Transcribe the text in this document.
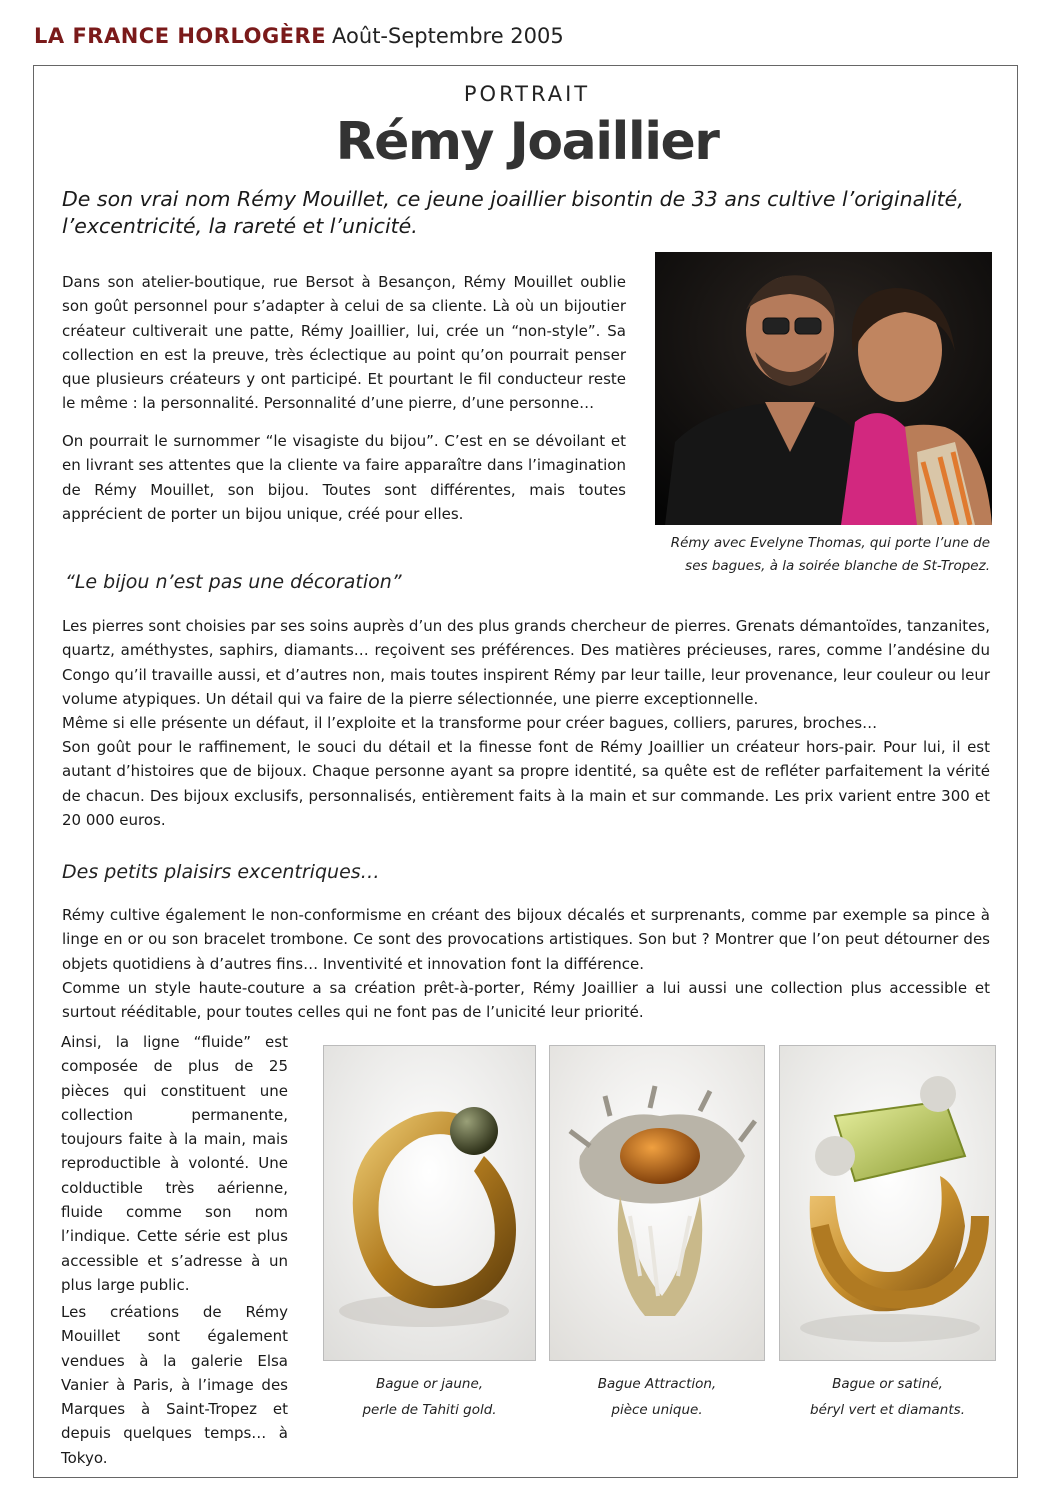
LA FRANCE HORLOGÈRE Août-Septembre 2005
PORTRAIT
Rémy Joaillier
De son vrai nom Rémy Mouillet, ce jeune joaillier bisontin de 33 ans cultive l’originalité, l’excentricité, la rareté et l’unicité.

Dans son atelier-boutique, rue Bersot à Besançon, Rémy Mouillet oublie son goût personnel pour s’adapter à celui de sa cliente. Là où un bijoutier créateur cultiverait une patte, Rémy Joaillier, lui, crée un “non-style”. Sa collection en est la preuve, très éclectique au point qu’on pourrait penser que plusieurs créateurs y ont participé. Et pourtant le fil conducteur reste le même : la personnalité. Personnalité d’une pierre, d’une personne…

On pourrait le surnommer “le visagiste du bijou”. C’est en se dévoilant et en livrant ses attentes que la cliente va faire apparaître dans l’imagination de Rémy Mouillet, son bijou. Toutes sont différentes, mais toutes apprécient de porter un bijou unique, créé pour elles.

Rémy avec Evelyne Thomas, qui porte l’une de
ses bagues, à la soirée blanche de St-Tropez.
“Le bijou n’est pas une décoration”

Les pierres sont choisies par ses soins auprès d’un des plus grands chercheur de pierres. Grenats démantoïdes, tanzanites, quartz, améthystes, saphirs, diamants… reçoivent ses préférences. Des matières précieuses, rares, comme l’andésine du Congo qu’il travaille aussi, et d’autres non, mais toutes inspirent Rémy par leur taille, leur provenance, leur couleur ou leur volume atypiques. Un détail qui va faire de la pierre sélectionnée, une pierre exceptionnelle.

Même si elle présente un défaut, il l’exploite et la transforme pour créer bagues, colliers, parures, broches…

Son goût pour le raffinement, le souci du détail et la finesse font de Rémy Joaillier un créateur hors-pair. Pour lui, il est autant d’histoires que de bijoux. Chaque personne ayant sa propre identité, sa quête est de refléter parfaitement la vérité de chacun. Des bijoux exclusifs, personnalisés, entièrement faits à la main et sur commande. Les prix varient entre 300 et 20 000 euros.

Des petits plaisirs excentriques…

Rémy cultive également le non-conformisme en créant des bijoux décalés et surprenants, comme par exemple sa pince à linge en or ou son bracelet trombone. Ce sont des provocations artistiques. Son but ? Montrer que l’on peut détourner des objets quotidiens à d’autres fins… Inventivité et innovation font la différence.

Comme un style haute-couture a sa création prêt-à-porter, Rémy Joaillier a lui aussi une collection plus accessible et surtout rééditable, pour toutes celles qui ne font pas de l’unicité leur priorité.

Ainsi, la ligne “fluide” est composée de plus de 25 pièces qui constituent une collection permanente, toujours faite à la main, mais reproductible à volonté. Une colductible très aérienne, fluide comme son nom l’indique. Cette série est plus accessible et s’adresse à un plus large public.

Les créations de Rémy Mouillet sont également vendues à la galerie Elsa Vanier à Paris, à l’image des Marques à Saint-Tropez et depuis quelques temps… à Tokyo.

Bague or jaune,
perle de Tahiti gold.
Bague Attraction,
pièce unique.
Bague or satiné,
béryl vert et diamants.
